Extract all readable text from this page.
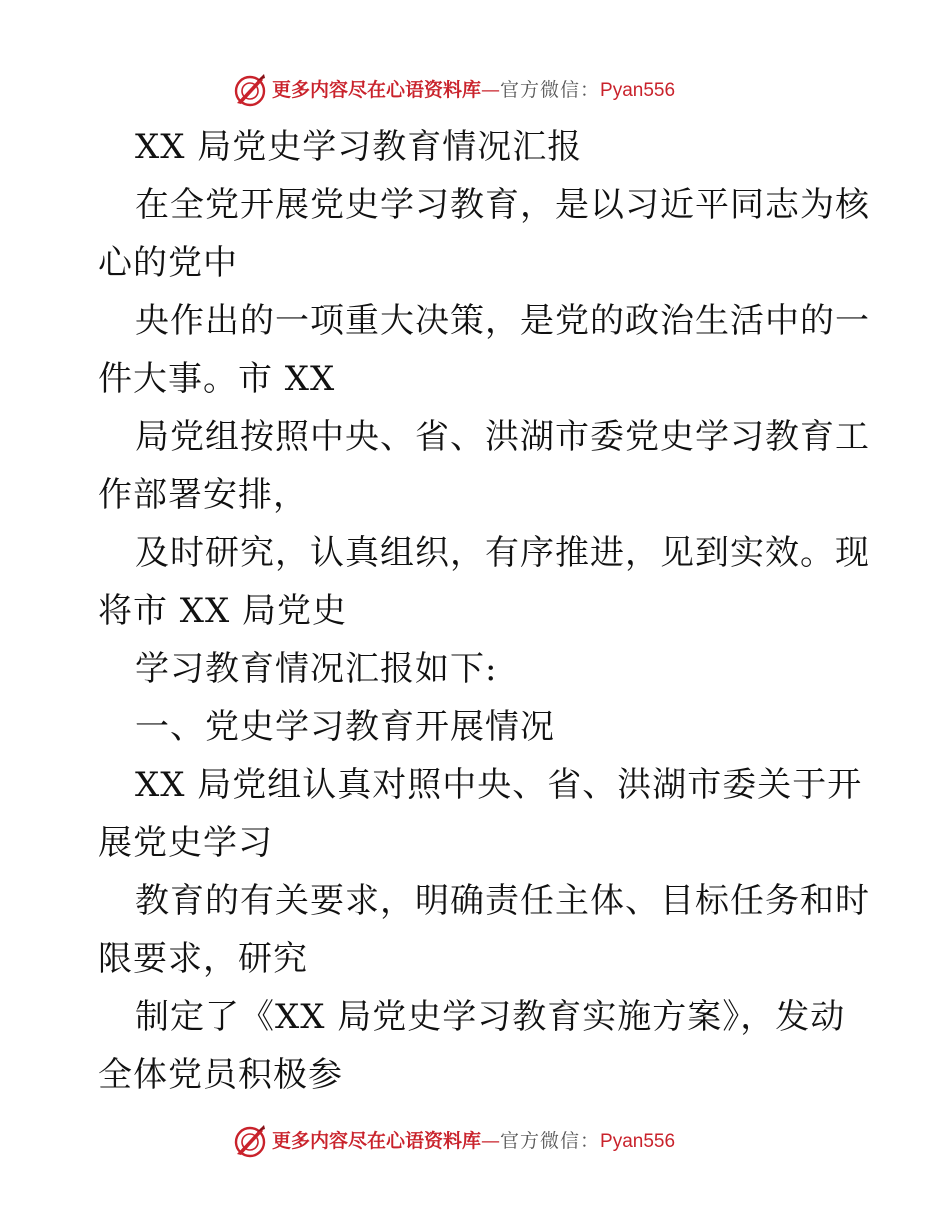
更多内容尽在心语资料库—官方微信：Pyan556
XX 局党史学习教育情况汇报
在全党开展党史学习教育，是以习近平同志为核
心的党中
央作出的一项重大决策，是党的政治生活中的一
件大事。市 XX
局党组按照中央、省、洪湖市委党史学习教育工
作部署安排，
及时研究，认真组织，有序推进，见到实效。现
将市 XX 局党史
学习教育情况汇报如下:
一、党史学习教育开展情况
XX 局党组认真对照中央、省、洪湖市委关于开
展党史学习
教育的有关要求，明确责任主体、目标任务和时
限要求，研究
制定了《XX 局党史学习教育实施方案》，发动
全体党员积极参
更多内容尽在心语资料库—官方微信：Pyan556
